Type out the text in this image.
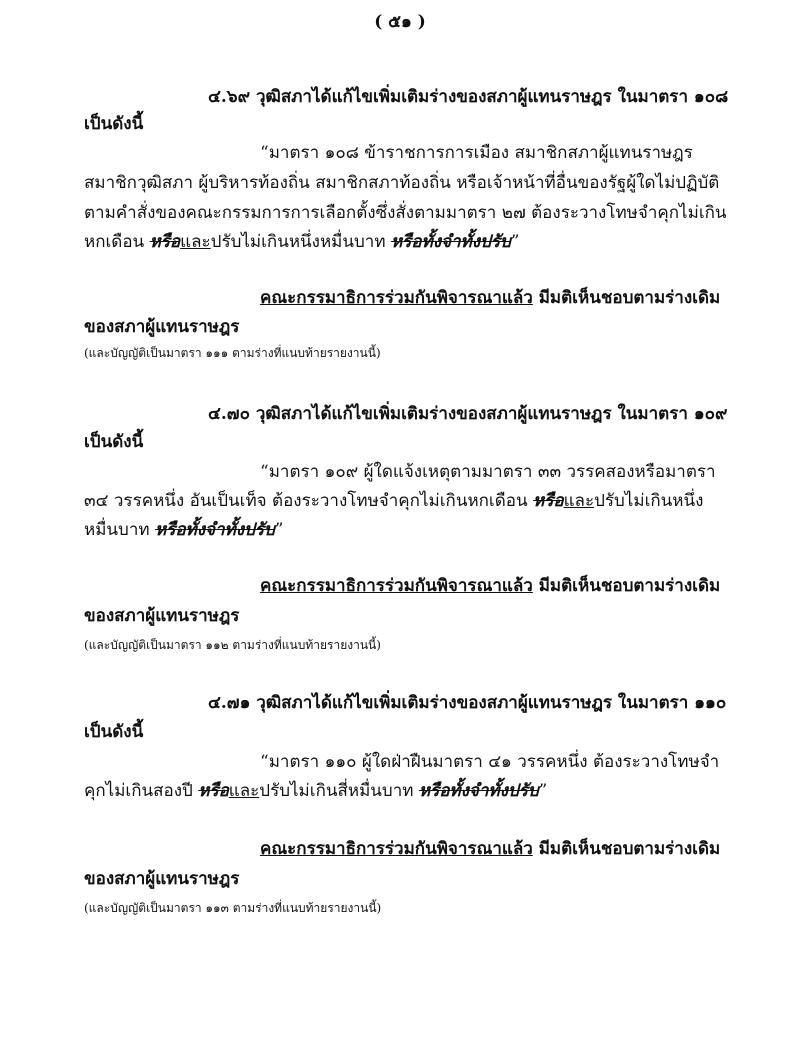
( ๕๑ )
๔.๖๙ วุฒิสภาได้แก้ไขเพิ่มเติมร่างของสภาผู้แทนราษฎร ในมาตรา ๑๐๘
เป็นดังนี้
“มาตรา ๑๐๘ ข้าราชการการเมือง สมาชิกสภาผู้แทนราษฎร
สมาชิกวุฒิสภา ผู้บริหารท้องถิ่น สมาชิกสภาท้องถิ่น หรือเจ้าหน้าที่อื่นของรัฐผู้ใดไม่ปฏิบัติ
ตามคำสั่งของคณะกรรมการการเลือกตั้งซึ่งสั่งตามมาตรา ๒๗ ต้องระวางโทษจำคุกไม่เกิน
หกเดือน หรือและปรับไม่เกินหนึ่งหมื่นบาท หรือทั้งจำทั้งปรับ”
คณะกรรมาธิการร่วมกันพิจารณาแล้ว มีมติเห็นชอบตามร่างเดิม
ของสภาผู้แทนราษฎร
(และบัญญัติเป็นมาตรา ๑๑๑ ตามร่างที่แนบท้ายรายงานนี้)
๔.๗๐ วุฒิสภาได้แก้ไขเพิ่มเติมร่างของสภาผู้แทนราษฎร ในมาตรา ๑๐๙
เป็นดังนี้
“มาตรา ๑๐๙ ผู้ใดแจ้งเหตุตามมาตรา ๓๓ วรรคสองหรือมาตรา
๓๔ วรรคหนึ่ง อันเป็นเท็จ ต้องระวางโทษจำคุกไม่เกินหกเดือน หรือและปรับไม่เกินหนึ่ง
หมื่นบาท หรือทั้งจำทั้งปรับ”
คณะกรรมาธิการร่วมกันพิจารณาแล้ว มีมติเห็นชอบตามร่างเดิม
ของสภาผู้แทนราษฎร
(และบัญญัติเป็นมาตรา ๑๑๒ ตามร่างที่แนบท้ายรายงานนี้)
๔.๗๑ วุฒิสภาได้แก้ไขเพิ่มเติมร่างของสภาผู้แทนราษฎร ในมาตรา ๑๑๐
เป็นดังนี้
“มาตรา ๑๑๐ ผู้ใดฝ่าฝืนมาตรา ๔๑ วรรคหนึ่ง ต้องระวางโทษจำ
คุกไม่เกินสองปี หรือและปรับไม่เกินสี่หมื่นบาท หรือทั้งจำทั้งปรับ”
คณะกรรมาธิการร่วมกันพิจารณาแล้ว มีมติเห็นชอบตามร่างเดิม
ของสภาผู้แทนราษฎร
(และบัญญัติเป็นมาตรา ๑๑๓ ตามร่างที่แนบท้ายรายงานนี้)
